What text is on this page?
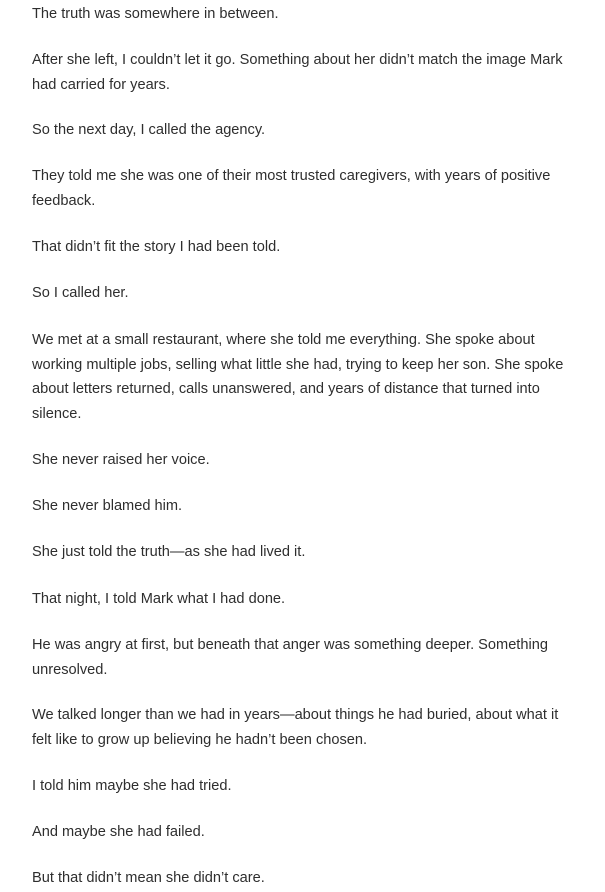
The truth was somewhere in between.

After she left, I couldn’t let it go. Something about her didn’t match the image Mark had carried for years.

So the next day, I called the agency.

They told me she was one of their most trusted caregivers, with years of positive feedback.

That didn’t fit the story I had been told.

So I called her.

We met at a small restaurant, where she told me everything. She spoke about working multiple jobs, selling what little she had, trying to keep her son. She spoke about letters returned, calls unanswered, and years of distance that turned into silence.

She never raised her voice.

She never blamed him.

She just told the truth—as she had lived it.

That night, I told Mark what I had done.

He was angry at first, but beneath that anger was something deeper. Something unresolved.

We talked longer than we had in years—about things he had buried, about what it felt like to grow up believing he hadn’t been chosen.

I told him maybe she had tried.

And maybe she had failed.

But that didn’t mean she didn’t care.
